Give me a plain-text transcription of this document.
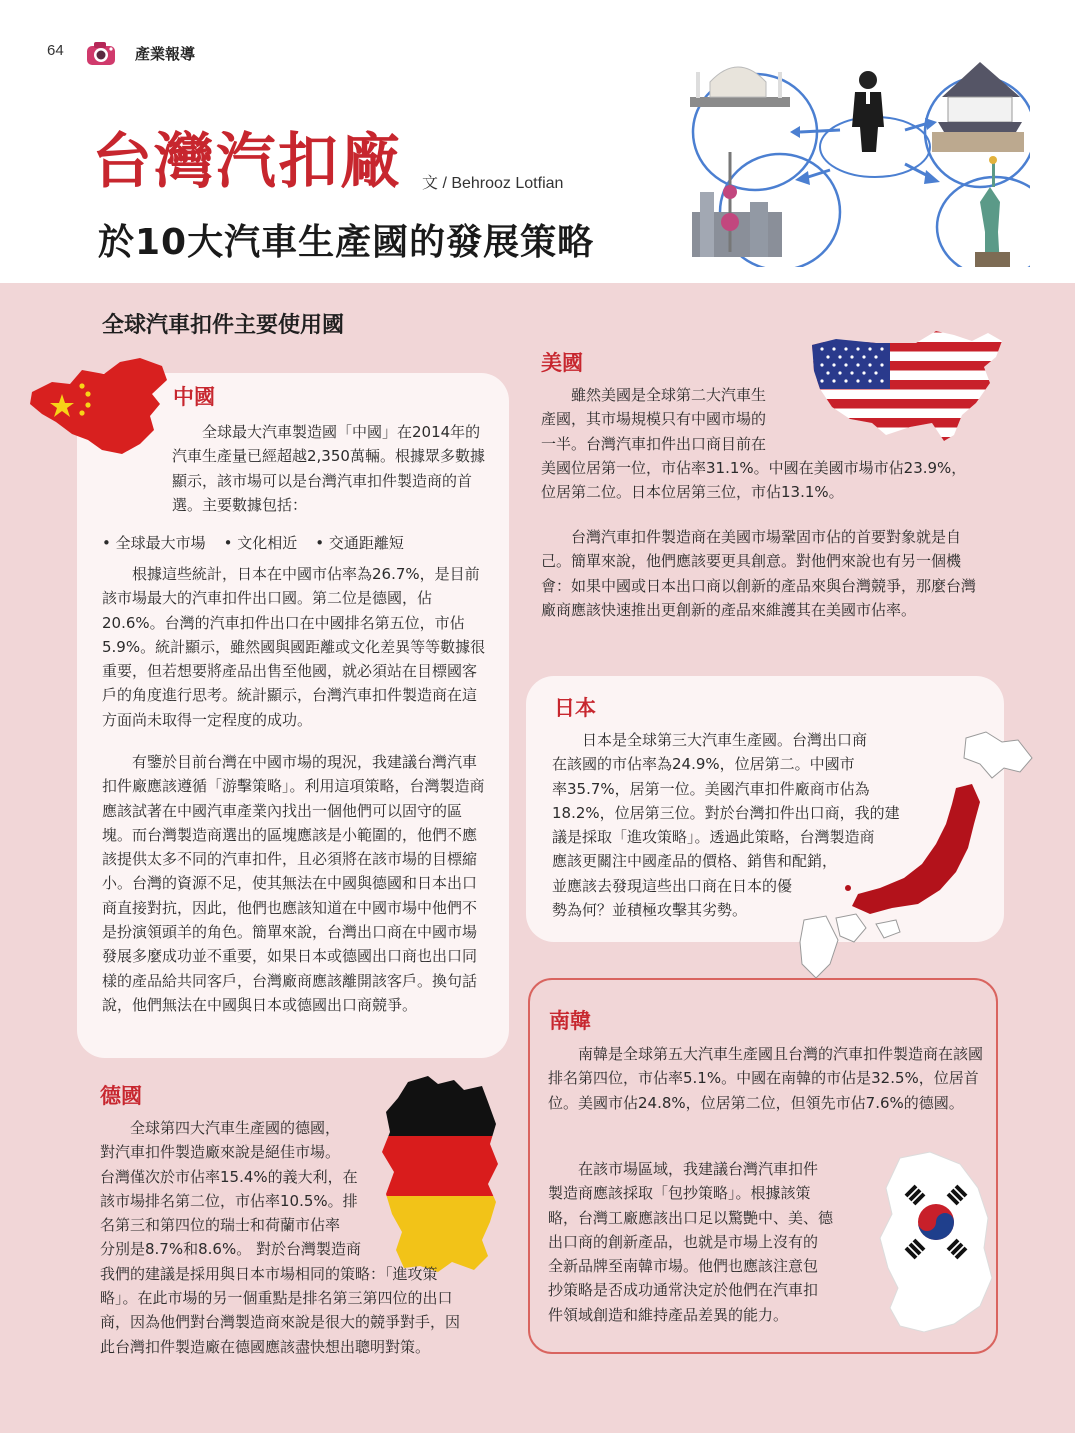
64	產業報導
台灣汽扣廠 文 / Behrooz Lotfian
於10大汽車生產國的發展策略
全球汽車扣件主要使用國
中國

全球最大汽車製造國「中國」在2014年的汽車生產量已經超越2,350萬輛。根據眾多數據顯示，該市場可以是台灣汽車扣件製造商的首選。主要數據包括：

• 全球最大市場	• 文化相近	• 交通距離短

根據這些統計，日本在中國市佔率為26.7%，是目前該市場最大的汽車扣件出口國。第二位是德國，佔20.6%。台灣的汽車扣件出口在中國排名第五位，市佔5.9%。統計顯示，雖然國與國距離或文化差異等等數據很重要，但若想要將產品出售至他國，就必須站在目標國客戶的角度進行思考。統計顯示，台灣汽車扣件製造商在這方面尚未取得一定程度的成功。

有鑒於目前台灣在中國市場的現況，我建議台灣汽車扣件廠應該遵循「游擊策略」。利用這項策略，台灣製造商應該試著在中國汽車產業內找出一個他們可以固守的區塊。而台灣製造商選出的區塊應該是小範圍的，他們不應該提供太多不同的汽車扣件，且必須將在該市場的目標縮小。台灣的資源不足，使其無法在中國與德國和日本出口商直接對抗，因此，他們也應該知道在中國市場中他們不是扮演領頭羊的角色。簡單來說，台灣出口商在中國市場發展多麼成功並不重要，如果日本或德國出口商也出口同樣的產品給共同客戶，台灣廠商應該離開該客戶。換句話說，他們無法在中國與日本或德國出口商競爭。

德國
全球第四大汽車生產國的德國，
對汽車扣件製造廠來說是絕佳市場。
台灣僅次於市佔率15.4%的義大利，在
該市場排名第二位，市佔率10.5%。排
名第三和第四位的瑞士和荷蘭市佔率
分別是8.7%和8.6%。 對於台灣製造商
我們的建議是採用與日本市場相同的策略：「進攻策
略」。在此市場的另一個重點是排名第三第四位的出口
商，因為他們對台灣製造商來說是很大的競爭對手，因
此台灣扣件製造廠在德國應該盡快想出聰明對策。
美國
雖然美國是全球第二大汽車生
產國，其市場規模只有中國市場的
一半。台灣汽車扣件出口商目前在
美國位居第一位，市佔率31.1%。中國在美國市場市佔23.9%，
位居第二位。日本位居第三位，市佔13.1%。

台灣汽車扣件製造商在美國市場鞏固市佔的首要對象就是自己。簡單來說，他們應該要更具創意。對他們來說也有另一個機會：如果中國或日本出口商以創新的產品來與台灣競爭，那麼台灣廠商應該快速推出更創新的產品來維護其在美國市佔率。

日本
日本是全球第三大汽車生產國。台灣出口商
在該國的市佔率為24.9%，位居第二。中國市
率35.7%，居第一位。美國汽車扣件廠商市佔為
18.2%，位居第三位。對於台灣扣件出口商，我的建
議是採取「進攻策略」。透過此策略，台灣製造商
應該更關注中國產品的價格、銷售和配銷，
並應該去發現這些出口商在日本的優
勢為何？並積極攻擊其劣勢。
南韓

南韓是全球第五大汽車生產國且台灣的汽車扣件製造商在該國排名第四位，市佔率5.1%。中國在南韓的市佔是32.5%，位居首位。美國市佔24.8%，位居第二位，但領先市佔7.6%的德國。

在該市場區域，我建議台灣汽車扣件
製造商應該採取「包抄策略」。根據該策
略，台灣工廠應該出口足以驚艷中、美、德
出口商的創新產品，也就是市場上沒有的
全新品牌至南韓市場。他們也應該注意包
抄策略是否成功通常決定於他們在汽車扣
件領域創造和維持產品差異的能力。
